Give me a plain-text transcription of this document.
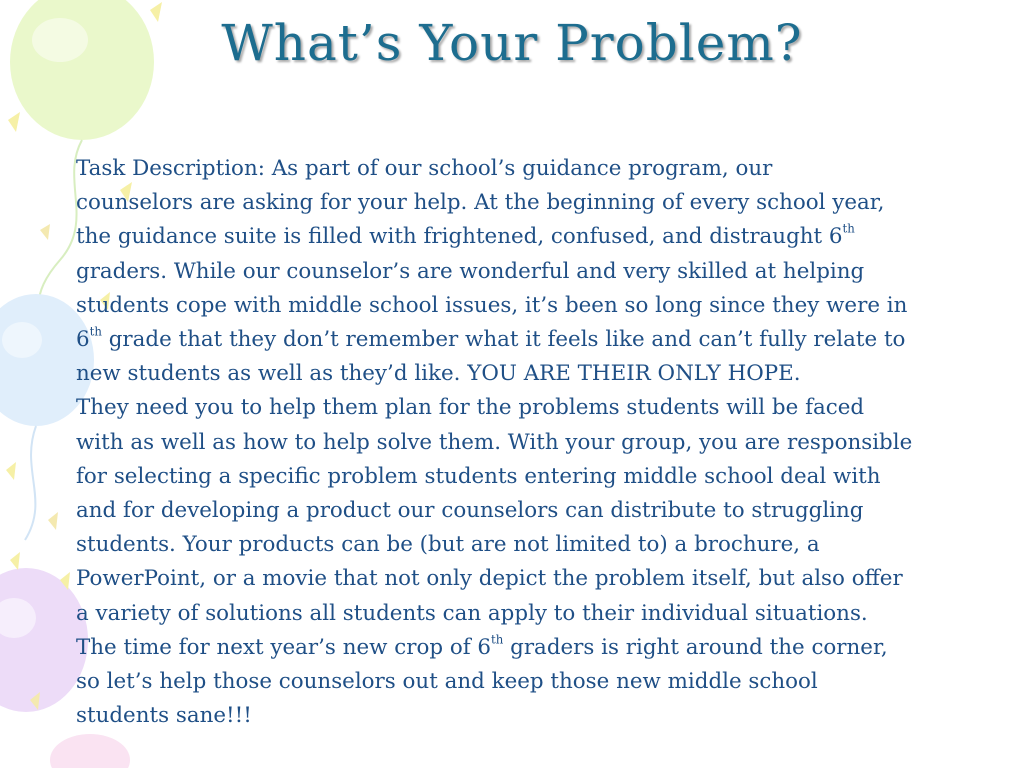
What’s Your Problem?
Task Description: As part of our school’s guidance program, our
counselors are asking for your help. At the beginning of every school year,
the guidance suite is filled with frightened, confused, and distraught 6th
graders. While our counselor’s are wonderful and very skilled at helping
students cope with middle school issues, it’s been so long since they were in
6th grade that they don’t remember what it feels like and can’t fully relate to
new students as well as they’d like. YOU ARE THEIR ONLY HOPE.
They need you to help them plan for the problems students will be faced
with as well as how to help solve them. With your group, you are responsible
for selecting a specific problem students entering middle school deal with
and for developing a product our counselors can distribute to struggling
students. Your products can be (but are not limited to) a brochure, a
PowerPoint, or a movie that not only depict the problem itself, but also offer
a variety of solutions all students can apply to their individual situations.
The time for next year’s new crop of 6th graders is right around the corner,
so let’s help those counselors out and keep those new middle school
students sane!!!
